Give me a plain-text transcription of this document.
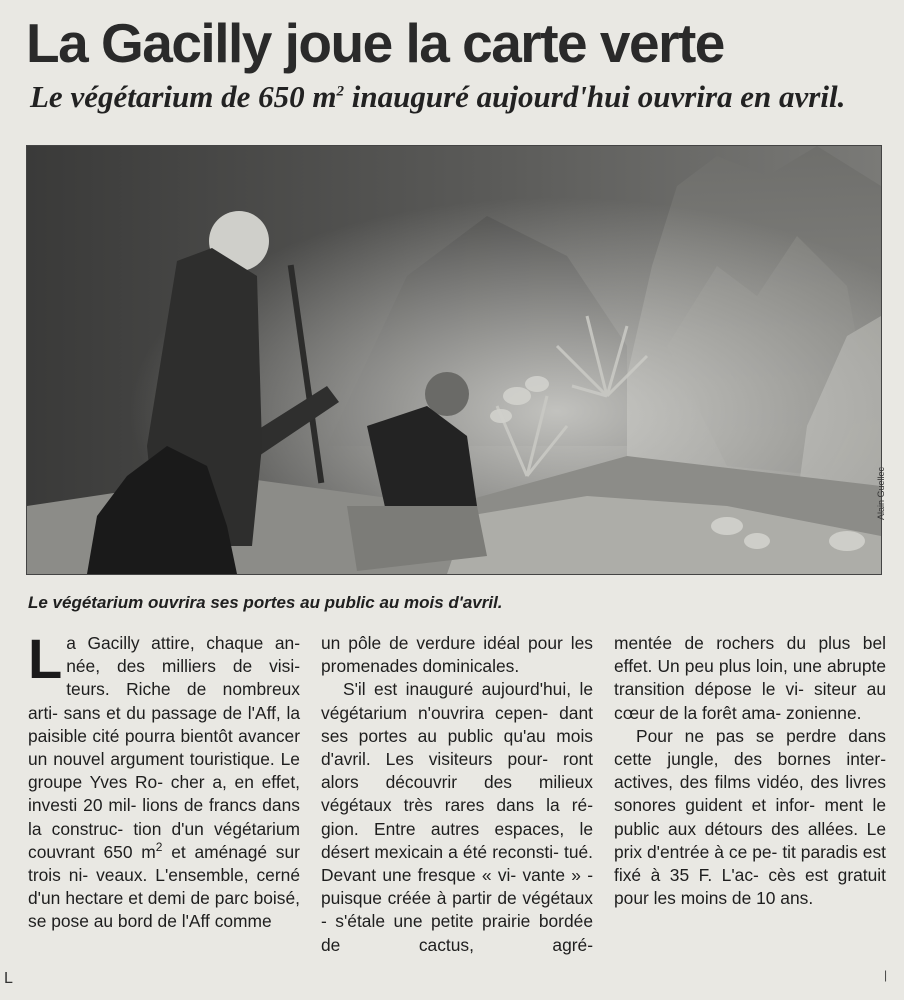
La Gacilly joue la carte verte
Le végétarium de 650 $m^2$ inauguré aujourd'hui ouvrira en avril.
Alain Guellec

Le végétarium ouvrira ses portes au public au mois d'avril.

La Gacilly attire, chaque an- née, des milliers de visi- teurs. Riche de nombreux arti- sans et du passage de l'Aff, la paisible cité pourra bientôt avancer un nouvel argument touristique. Le groupe Yves Ro- cher a, en effet, investi 20 mil- lions de francs dans la construc- tion d'un végétarium couvrant 650 $m^2$ et aménagé sur trois ni- veaux. L'ensemble, cerné d'un hectare et demi de parc boisé, se pose au bord de l'Aff comme

un pôle de verdure idéal pour les promenades dominicales.

S'il est inauguré aujourd'hui, le végétarium n'ouvrira cepen- dant ses portes au public qu'au mois d'avril. Les visiteurs pour- ront alors découvrir des milieux végétaux très rares dans la ré- gion. Entre autres espaces, le désert mexicain a été reconsti- tué. Devant une fresque « vi- vante » - puisque créée à partir de végétaux - s'étale une petite prairie bordée de cactus, agré-

mentée de rochers du plus bel effet. Un peu plus loin, une abrupte transition dépose le vi- siteur au cœur de la forêt ama- zonienne.

Pour ne pas se perdre dans cette jungle, des bornes inter- actives, des films vidéo, des livres sonores guident et infor- ment le public aux détours des allées. Le prix d'entrée à ce pe- tit paradis est fixé à 35 F. L'ac- cès est gratuit pour les moins de 10 ans.

L	|
